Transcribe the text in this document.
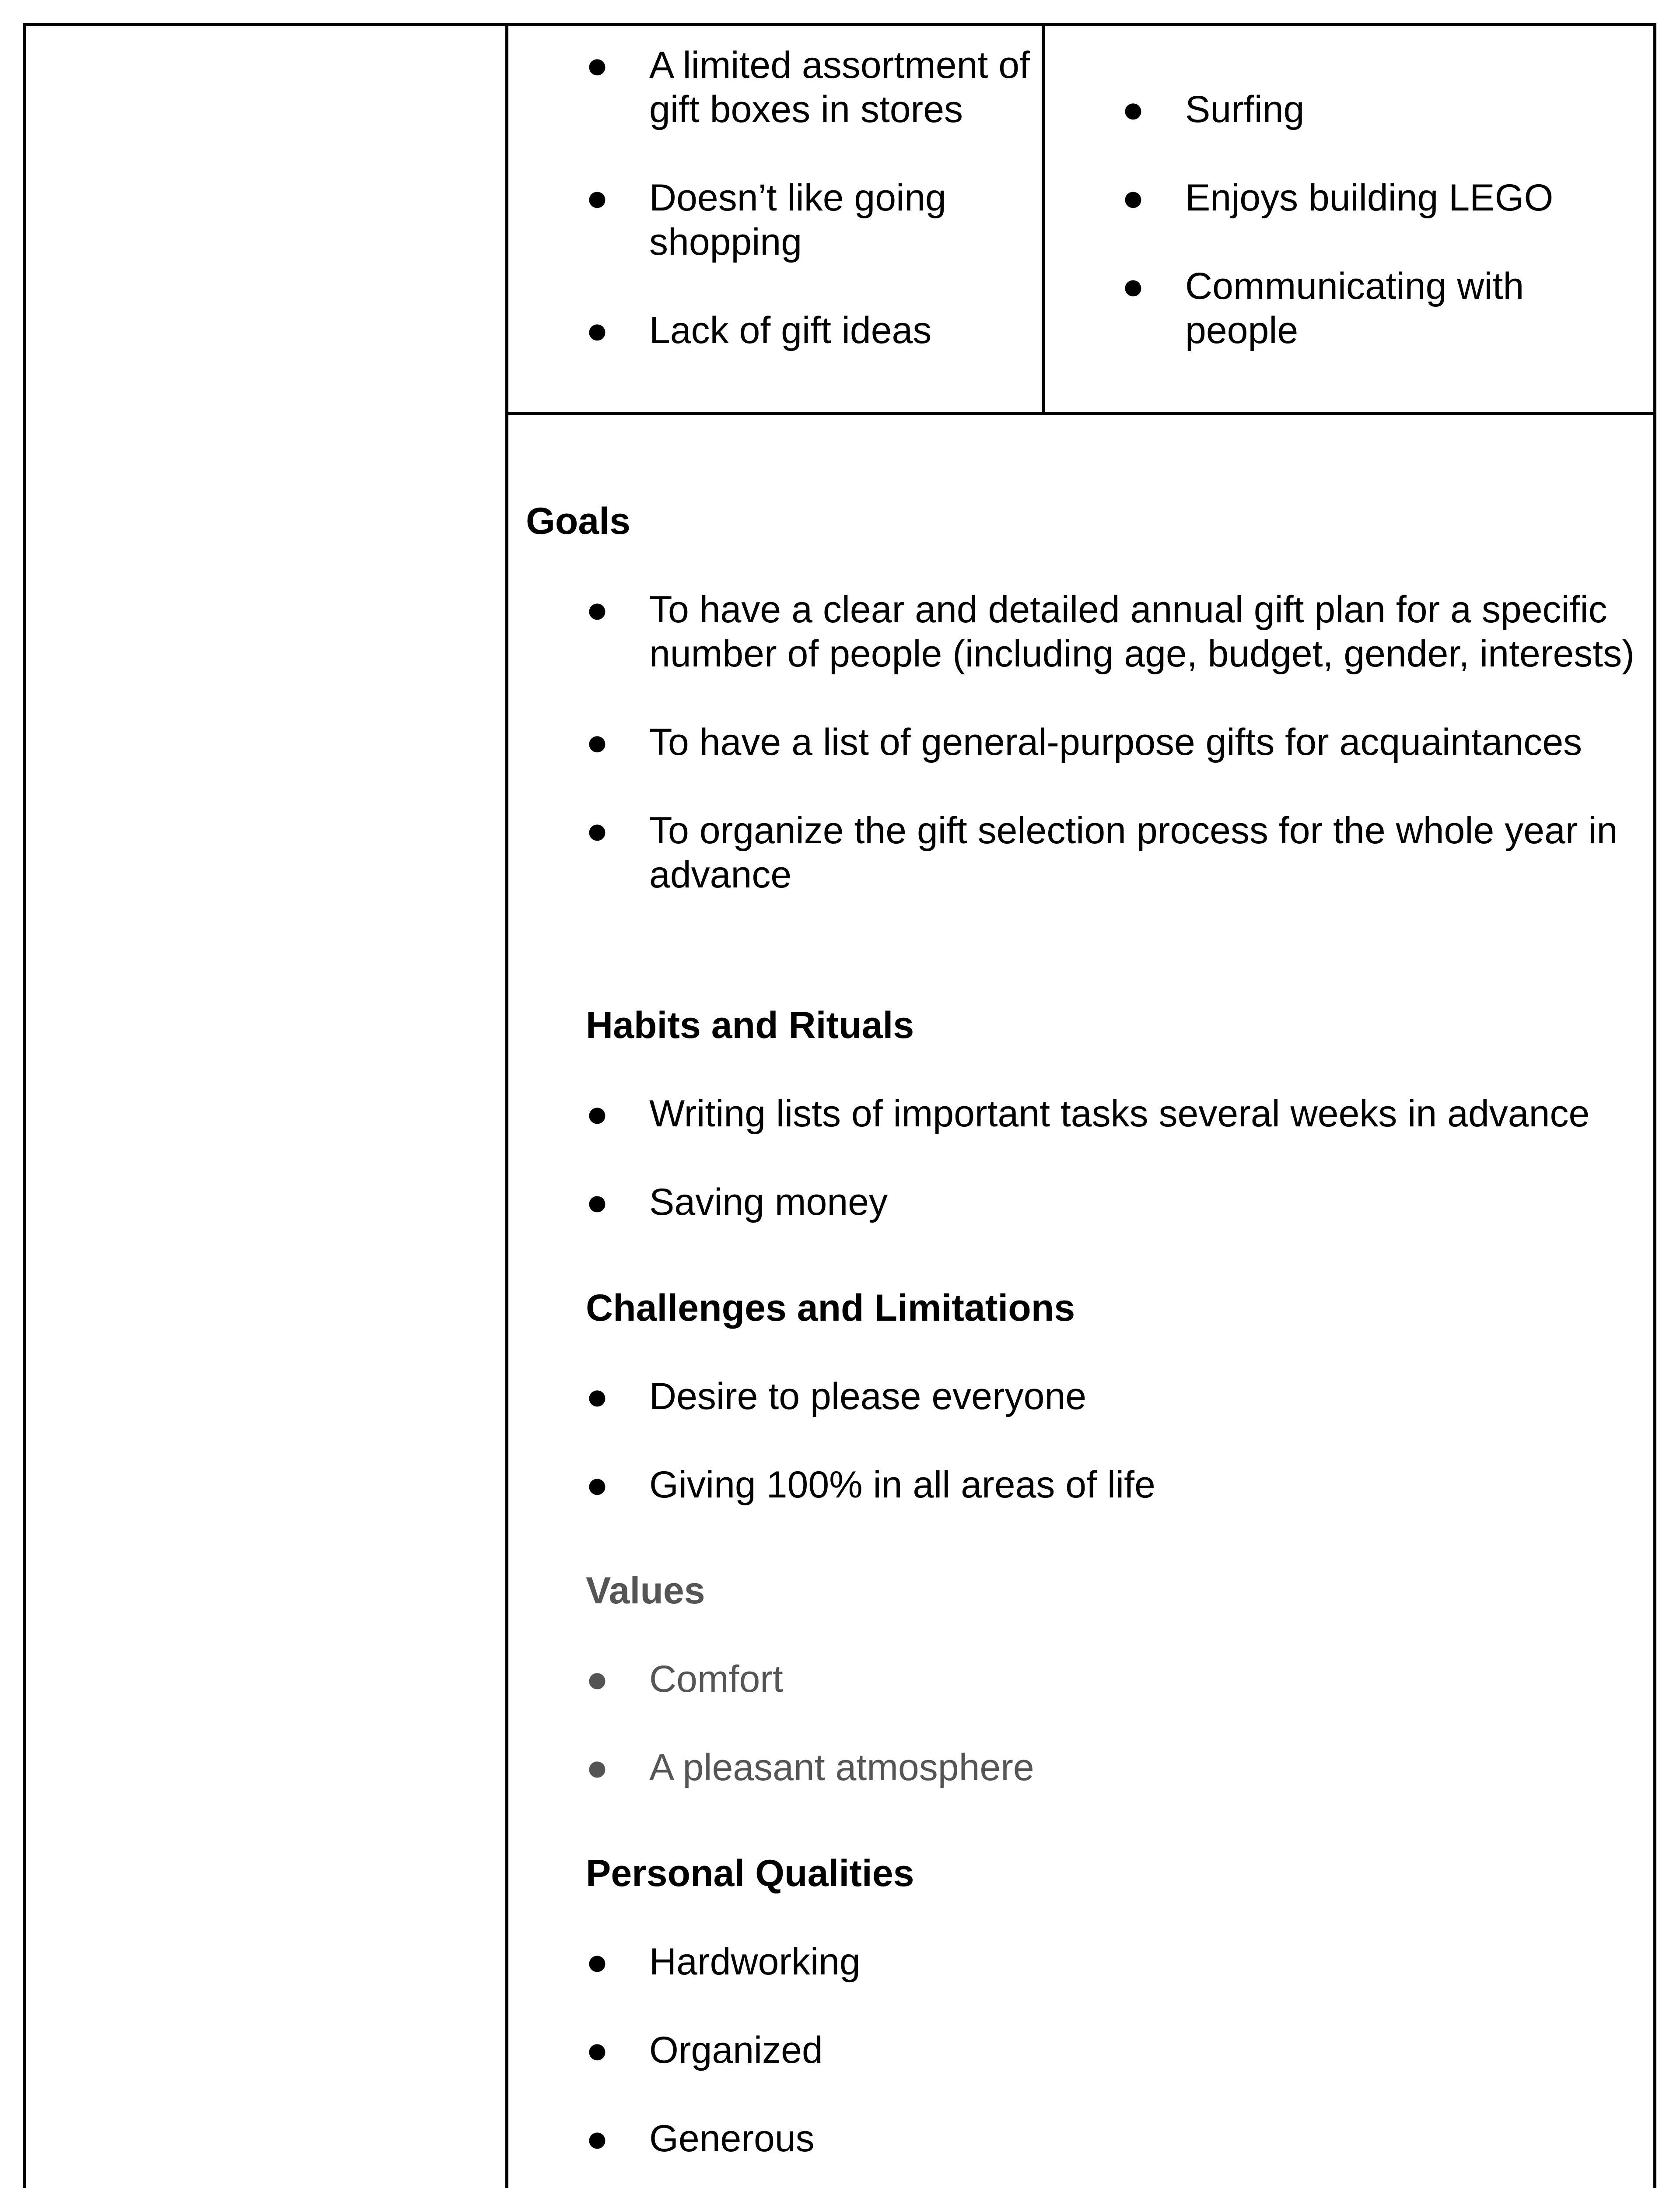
●	A limited assortment of gift boxes in stores
●	Doesn’t like going shopping
●	Lack of gift ideas
●	Surfing
●	Enjoys building LEGO
●	Communicating with people
Goals
●	To have a clear and detailed annual gift plan for a specific number of people (including age, budget, gender, interests)
●	To have a list of general-purpose gifts for acquaintances
●	To organize the gift selection process for the whole year in advance
Habits and Rituals
●	Writing lists of important tasks several weeks in advance
●	Saving money
Challenges and Limitations
●	Desire to please everyone
●	Giving 100% in all areas of life
Values
●	Comfort
●	A pleasant atmosphere
Personal Qualities
●	Hardworking
●	Organized
●	Generous
